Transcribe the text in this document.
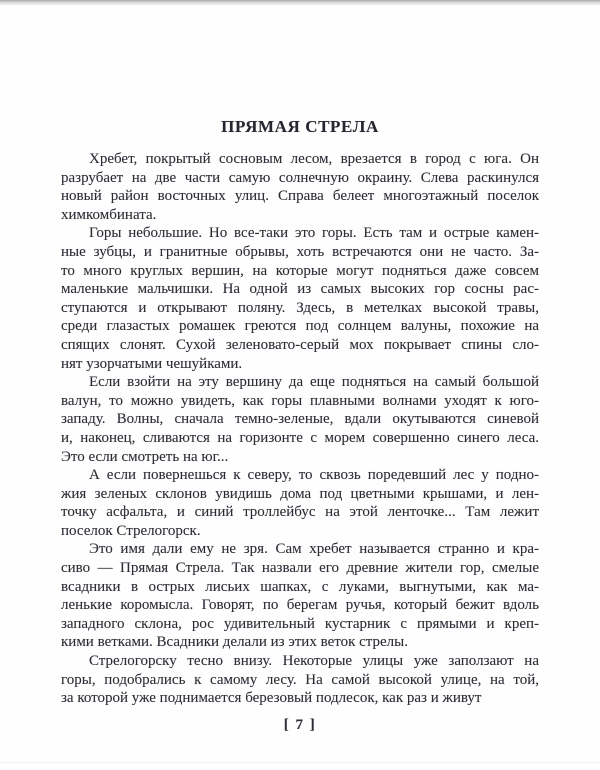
ПРЯМАЯ СТРЕЛА
Хребет, покрытый сосновым лесом, врезается в город с юга. Он
разрубает на две части самую солнечную окраину. Слева раскинулся
новый район восточных улиц. Справа белеет многоэтажный поселок
химкомбината.
Горы небольшие. Но все-таки это горы. Есть там и острые камен-
ные зубцы, и гранитные обрывы, хоть встречаются они не часто. За-
то много круглых вершин, на которые могут подняться даже совсем
маленькие мальчишки. На одной из самых высоких гор сосны рас-
ступаются и открывают поляну. Здесь, в метелках высокой травы,
среди глазастых ромашек греются под солнцем валуны, похожие на
спящих слонят. Сухой зеленовато-серый мох покрывает спины сло-
нят узорчатыми чешуйками.
Если взойти на эту вершину да еще подняться на самый большой
валун, то можно увидеть, как горы плавными волнами уходят к юго-
западу. Волны, сначала темно-зеленые, вдали окутываются синевой
и, наконец, сливаются на горизонте с морем совершенно синего леса.
Это если смотреть на юг...
А если повернешься к северу, то сквозь поредевший лес у подно-
жия зеленых склонов увидишь дома под цветными крышами, и лен-
точку асфальта, и синий троллейбус на этой ленточке... Там лежит
поселок Стрелогорск.
Это имя дали ему не зря. Сам хребет называется странно и кра-
сиво — Прямая Стрела. Так назвали его древние жители гор, смелые
всадники в острых лисьих шапках, с луками, выгнутыми, как ма-
ленькие коромысла. Говорят, по берегам ручья, который бежит вдоль
западного склона, рос удивительный кустарник с прямыми и креп-
кими ветками. Всадники делали из этих веток стрелы.
Стрелогорску тесно внизу. Некоторые улицы уже заползают на
горы, подобрались к самому лесу. На самой высокой улице, на той,
за которой уже поднимается березовый подлесок, как раз и живут
[ 7 ]
